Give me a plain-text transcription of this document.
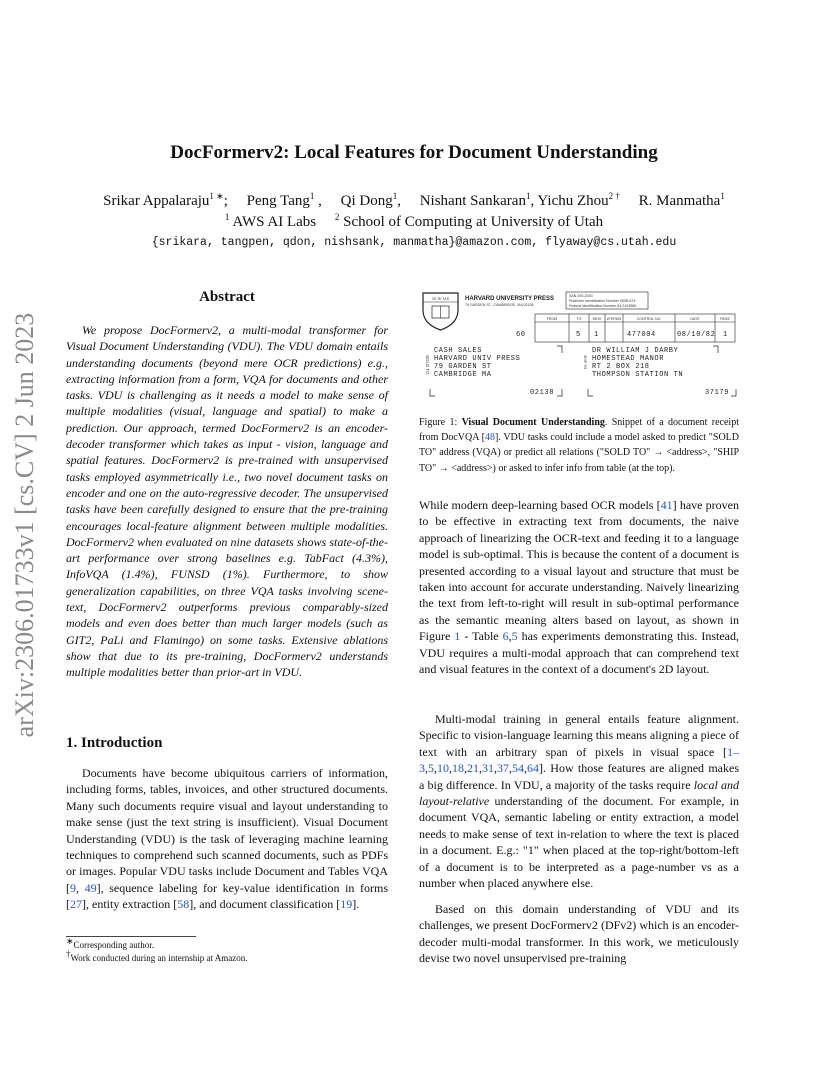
arXiv:2306.01733v1 [cs.CV] 2 Jun 2023
DocFormerv2: Local Features for Document Understanding
Srikar Appalaraju$^{1 ∗}$;     Peng Tang$^1$ ,     Qi Dong$^1$,     Nishant Sankaran$^1$, Yichu Zhou$^{2 \dagger}$ R. Manmatha$^1$
$^1$ AWS AI Labs $^2$ School of Computing at University of Utah
{srikara, tangpen, qdon, nishsank, manmatha}@amazon.com, flyaway@cs.utah.edu
Abstract

We propose DocFormerv2, a multi-modal transformer for Visual Document Understanding (VDU). The VDU domain entails understanding documents (beyond mere OCR predictions) e.g., extracting information from a form, VQA for documents and other tasks. VDU is challenging as it needs a model to make sense of multiple modalities (visual, language and spatial) to make a prediction. Our approach, termed DocFormerv2 is an encoder-decoder transformer which takes as input - vision, language and spatial features. DocFormerv2 is pre-trained with unsupervised tasks employed asymmetrically i.e., two novel document tasks on encoder and one on the auto-regressive decoder. The unsupervised tasks have been carefully designed to ensure that the pre-training encourages local-feature alignment between multiple modalities. DocFormerv2 when evaluated on nine datasets shows state-of-the-art performance over strong baselines e.g. TabFact (4.3%), InfoVQA (1.4%), FUNSD (1%). Furthermore, to show generalization capabilities, on three VQA tasks involving scene-text, DocFormerv2 outperforms previous comparably-sized models and even does better than much larger models (such as GIT2, PaLi and Flamingo) on some tasks. Extensive ablations show that due to its pre-training, DocFormerv2 understands multiple modalities better than prior-art in VDU.

1. Introduction

Documents have become ubiquitous carriers of information, including forms, tables, invoices, and other structured documents. Many such documents require visual and layout understanding to make sense (just the text string is insufficient). Visual Document Understanding (VDU) is the task of leveraging machine learning techniques to comprehend such scanned documents, such as PDFs or images. Popular VDU tasks include Document and Tables VQA [9, 49], sequence labeling for key-value identification in forms [27], entity extraction [58], and document classification [19].

∗Corresponding author.
†Work conducted during an internship at Amazon.
VE RI TAS	HARVARD UNIVERSITY PRESS
79 GARDEN ST., CAMBRIDGE, MA 02138
SAN 200-2043
Publisher Identification Number ISBN 674
Federal Identification Number 04-2103580
FROM	TO	WHO #TERMS	CONTROL NO.	DATE	PAGE
60	5 1	477004	08/10/82 1
SOLD TO
CASH SALES
HARVARD UNIV PRESS
79 GARDEN ST
CAMBRIDGE MA
02138
SHIP TO
DR WILLIAM J DARBY
HOMESTEAD MANOR
RT 2 BOX 218
THOMPSON STATION TN
37179

Figure 1: Visual Document Understanding. Snippet of a document receipt from DocVQA [48]. VDU tasks could include a model asked to predict "SOLD TO" address (VQA) or predict all relations ("SOLD TO" → <address>, "SHIP TO" → <address>) or asked to infer info from table (at the top).

While modern deep-learning based OCR models [41] have proven to be effective in extracting text from documents, the naive approach of linearizing the OCR-text and feeding it to a language model is sub-optimal. This is because the content of a document is presented according to a visual layout and structure that must be taken into account for accurate understanding. Naively linearizing the text from left-to-right will result in sub-optimal performance as the semantic meaning alters based on layout, as shown in Figure 1 - Table 6,5 has experiments demonstrating this. Instead, VDU requires a multi-modal approach that can comprehend text and visual features in the context of a document's 2D layout.

Multi-modal training in general entails feature alignment. Specific to vision-language learning this means aligning a piece of text with an arbitrary span of pixels in visual space [1–3,5,10,18,21,31,37,54,64]. How those features are aligned makes a big difference. In VDU, a majority of the tasks require local and layout-relative understanding of the document. For example, in document VQA, semantic labeling or entity extraction, a model needs to make sense of text in-relation to where the text is placed in a document. E.g.: "1" when placed at the top-right/bottom-left of a document is to be interpreted as a page-number vs as a number when placed anywhere else.

Based on this domain understanding of VDU and its challenges, we present DocFormerv2 (DFv2) which is an encoder-decoder multi-modal transformer. In this work, we meticulously devise two novel unsupervised pre-training
